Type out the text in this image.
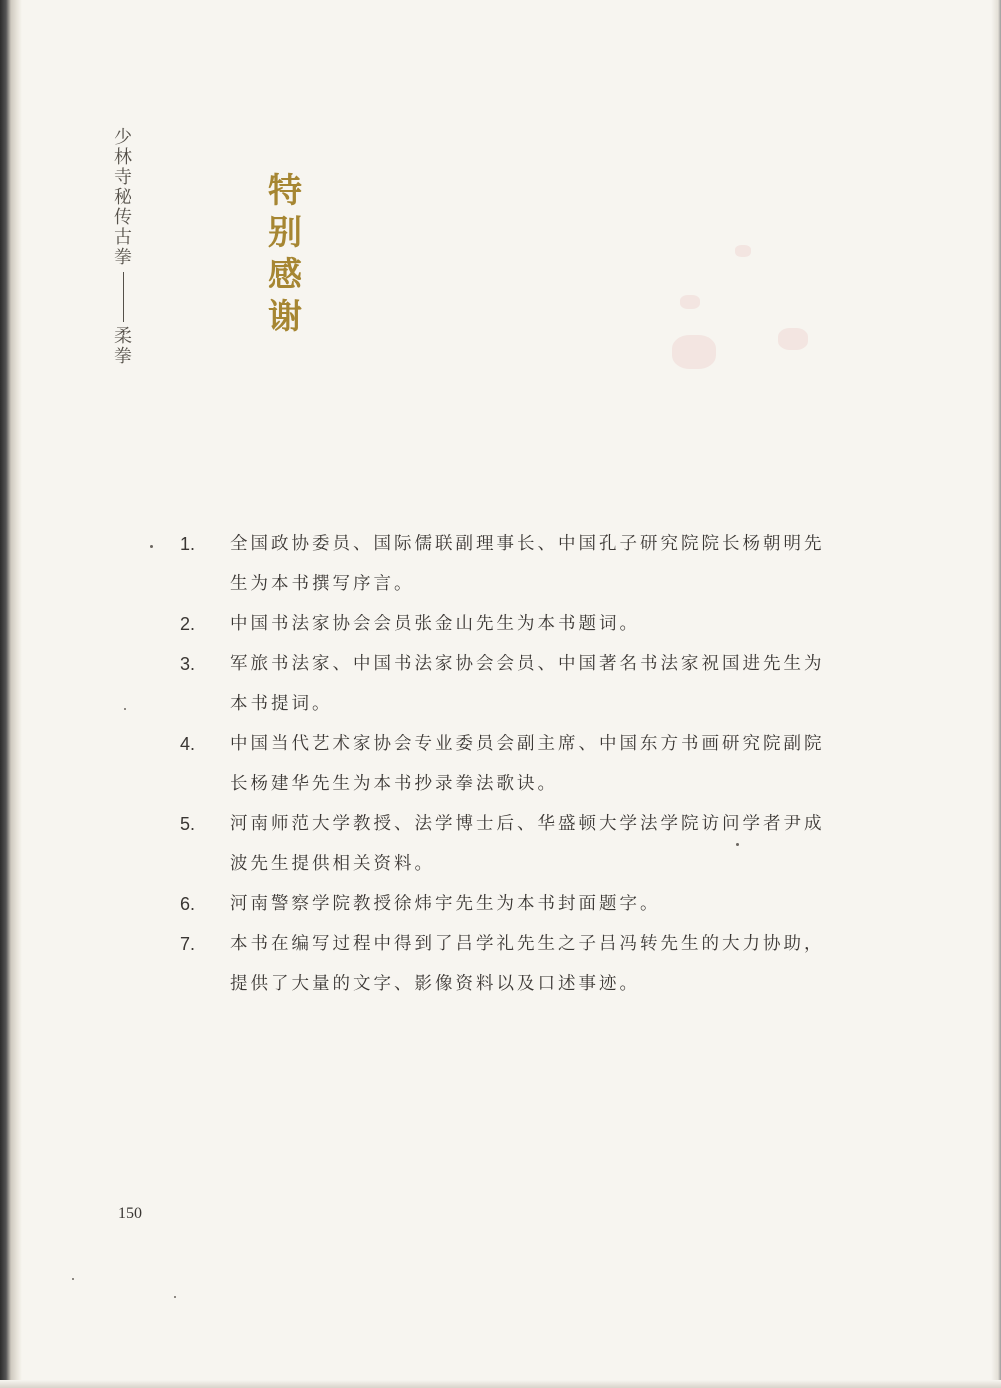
少
林
寺
秘
传
古
拳
柔
拳
特
别
感
谢
1.	全国政协委员、国际儒联副理事长、中国孔子研究院院长杨朝明先生为本书撰写序言。
2.	中国书法家协会会员张金山先生为本书题词。
3.	军旅书法家、中国书法家协会会员、中国著名书法家祝国进先生为本书提词。
4.	中国当代艺术家协会专业委员会副主席、中国东方书画研究院副院长杨建华先生为本书抄录拳法歌诀。
5.	河南师范大学教授、法学博士后、华盛顿大学法学院访问学者尹成波先生提供相关资料。
6.	河南警察学院教授徐炜宇先生为本书封面题字。
7.	本书在编写过程中得到了吕学礼先生之子吕冯转先生的大力协助，提供了大量的文字、影像资料以及口述事迹。
150
